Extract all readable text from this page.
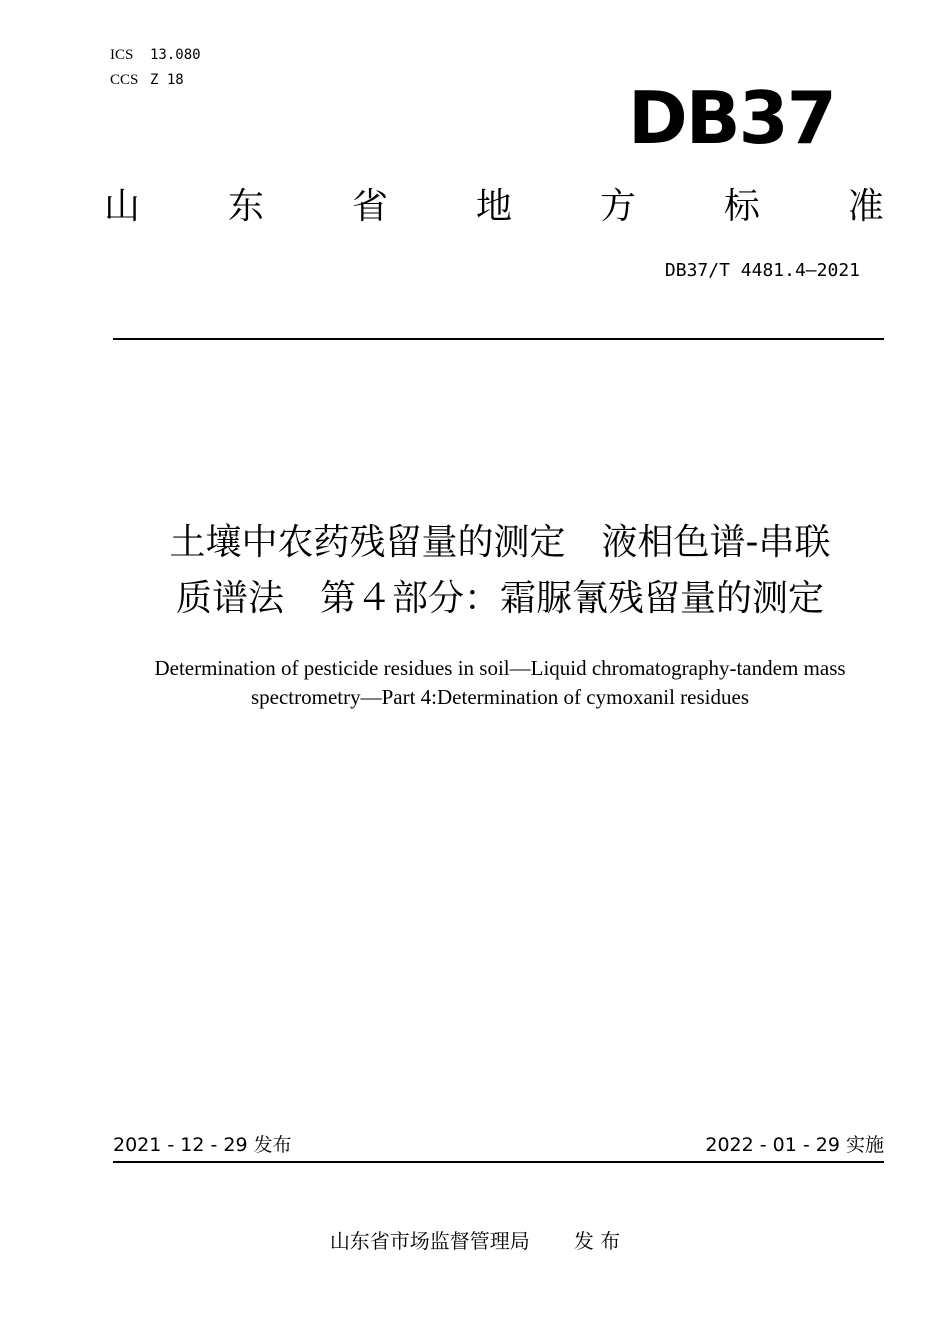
ICS 13.080
CCS Z 18	DB37
山 东 省 地 方 标 准
DB37/T 4481.4—2021
土壤中农药残留量的测定　液相色谱-串联
质谱法　第４部分：霜脲氰残留量的测定
Determination of pesticide residues in soil—Liquid chromatography-tandem mass
spectrometry—Part 4:Determination of cymoxanil residues
2021 - 12 - 29 发布	2022 - 01 - 29 实施
山东省市场监督管理局 发 布
